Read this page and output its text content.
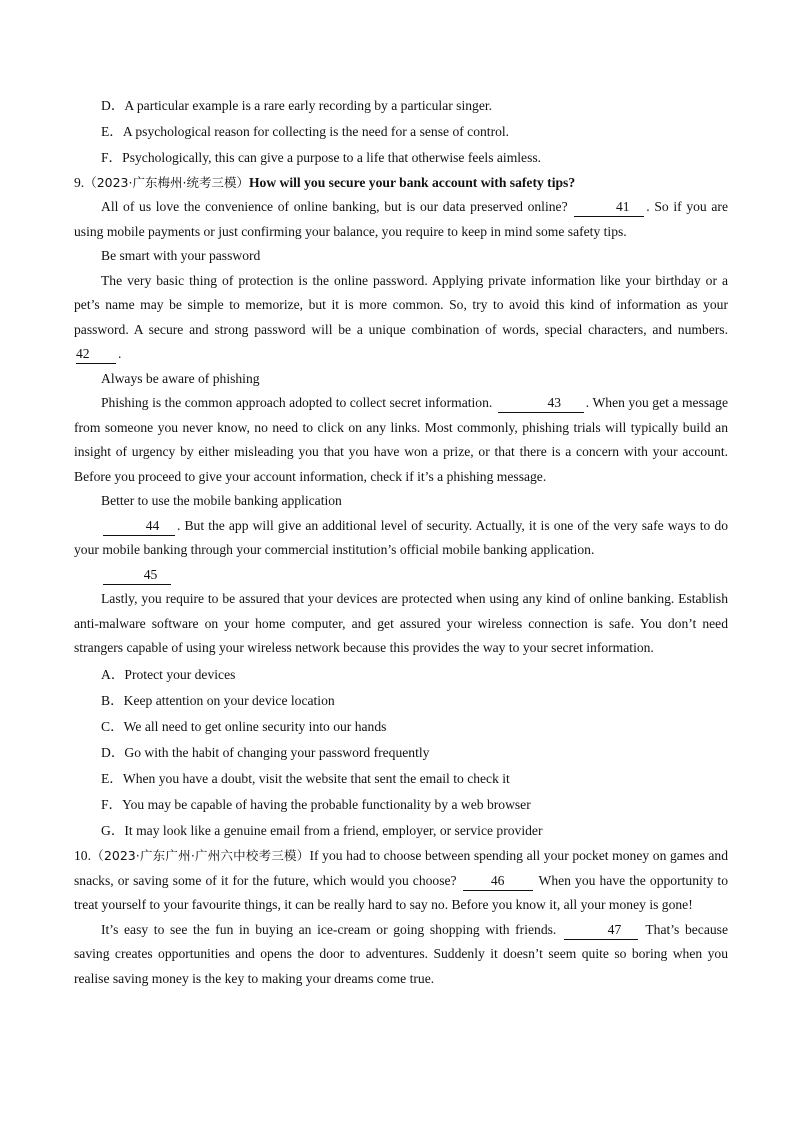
D．A particular example is a rare early recording by a particular singer.

E．A psychological reason for collecting is the need for a sense of control.

F．Psychologically, this can give a purpose to a life that otherwise feels aimless.

9.（2023·广东梅州·统考三模）How will you secure your bank account with safety tips?

All of us love the convenience of online banking, but is our data preserved online?	41 . So if you are using mobile payments or just confirming your balance, you require to keep in mind some safety tips.

Be smart with your password

The very basic thing of protection is the online password. Applying private information like your birthday or a pet’s name may be simple to memorize, but it is more common. So, try to avoid this kind of information as your password. A secure and strong password will be a unique combination of words, special characters, and numbers. 42 .

Always be aware of phishing

Phishing is the common approach adopted to collect secret information.	43 . When you get a message from someone you never know, no need to click on any links. Most commonly, phishing trials will typically build an insight of urgency by either misleading you that you have won a prize, or that there is a concern with your account. Before you proceed to give your account information, check if it’s a phishing message.

Better to use the mobile banking application

44 . But the app will give an additional level of security. Actually, it is one of the very safe ways to do your mobile banking through your commercial institution’s official mobile banking application.

45

Lastly, you require to be assured that your devices are protected when using any kind of online banking. Establish anti-malware software on your home computer, and get assured your wireless connection is safe. You don’t need strangers capable of using your wireless network because this provides the way to your secret information.

A．Protect your devices

B．Keep attention on your device location

C．We all need to get online security into our hands

D．Go with the habit of changing your password frequently

E．When you have a doubt, visit the website that sent the email to check it

F．You may be capable of having the probable functionality by a web browser

G．It may look like a genuine email from a friend, employer, or service provider

10.（2023·广东广州·广州六中校考三模）If you had to choose between spending all your pocket money on games and snacks, or saving some of it for the future, which would you choose?	46	When you have the opportunity to treat yourself to your favourite things, it can be really hard to say no. Before you know it, all your money is gone!

It’s easy to see the fun in buying an ice-cream or going shopping with friends.	47 That’s because saving creates opportunities and opens the door to adventures. Suddenly it doesn’t seem quite so boring when you realise saving money is the key to making your dreams come true.
